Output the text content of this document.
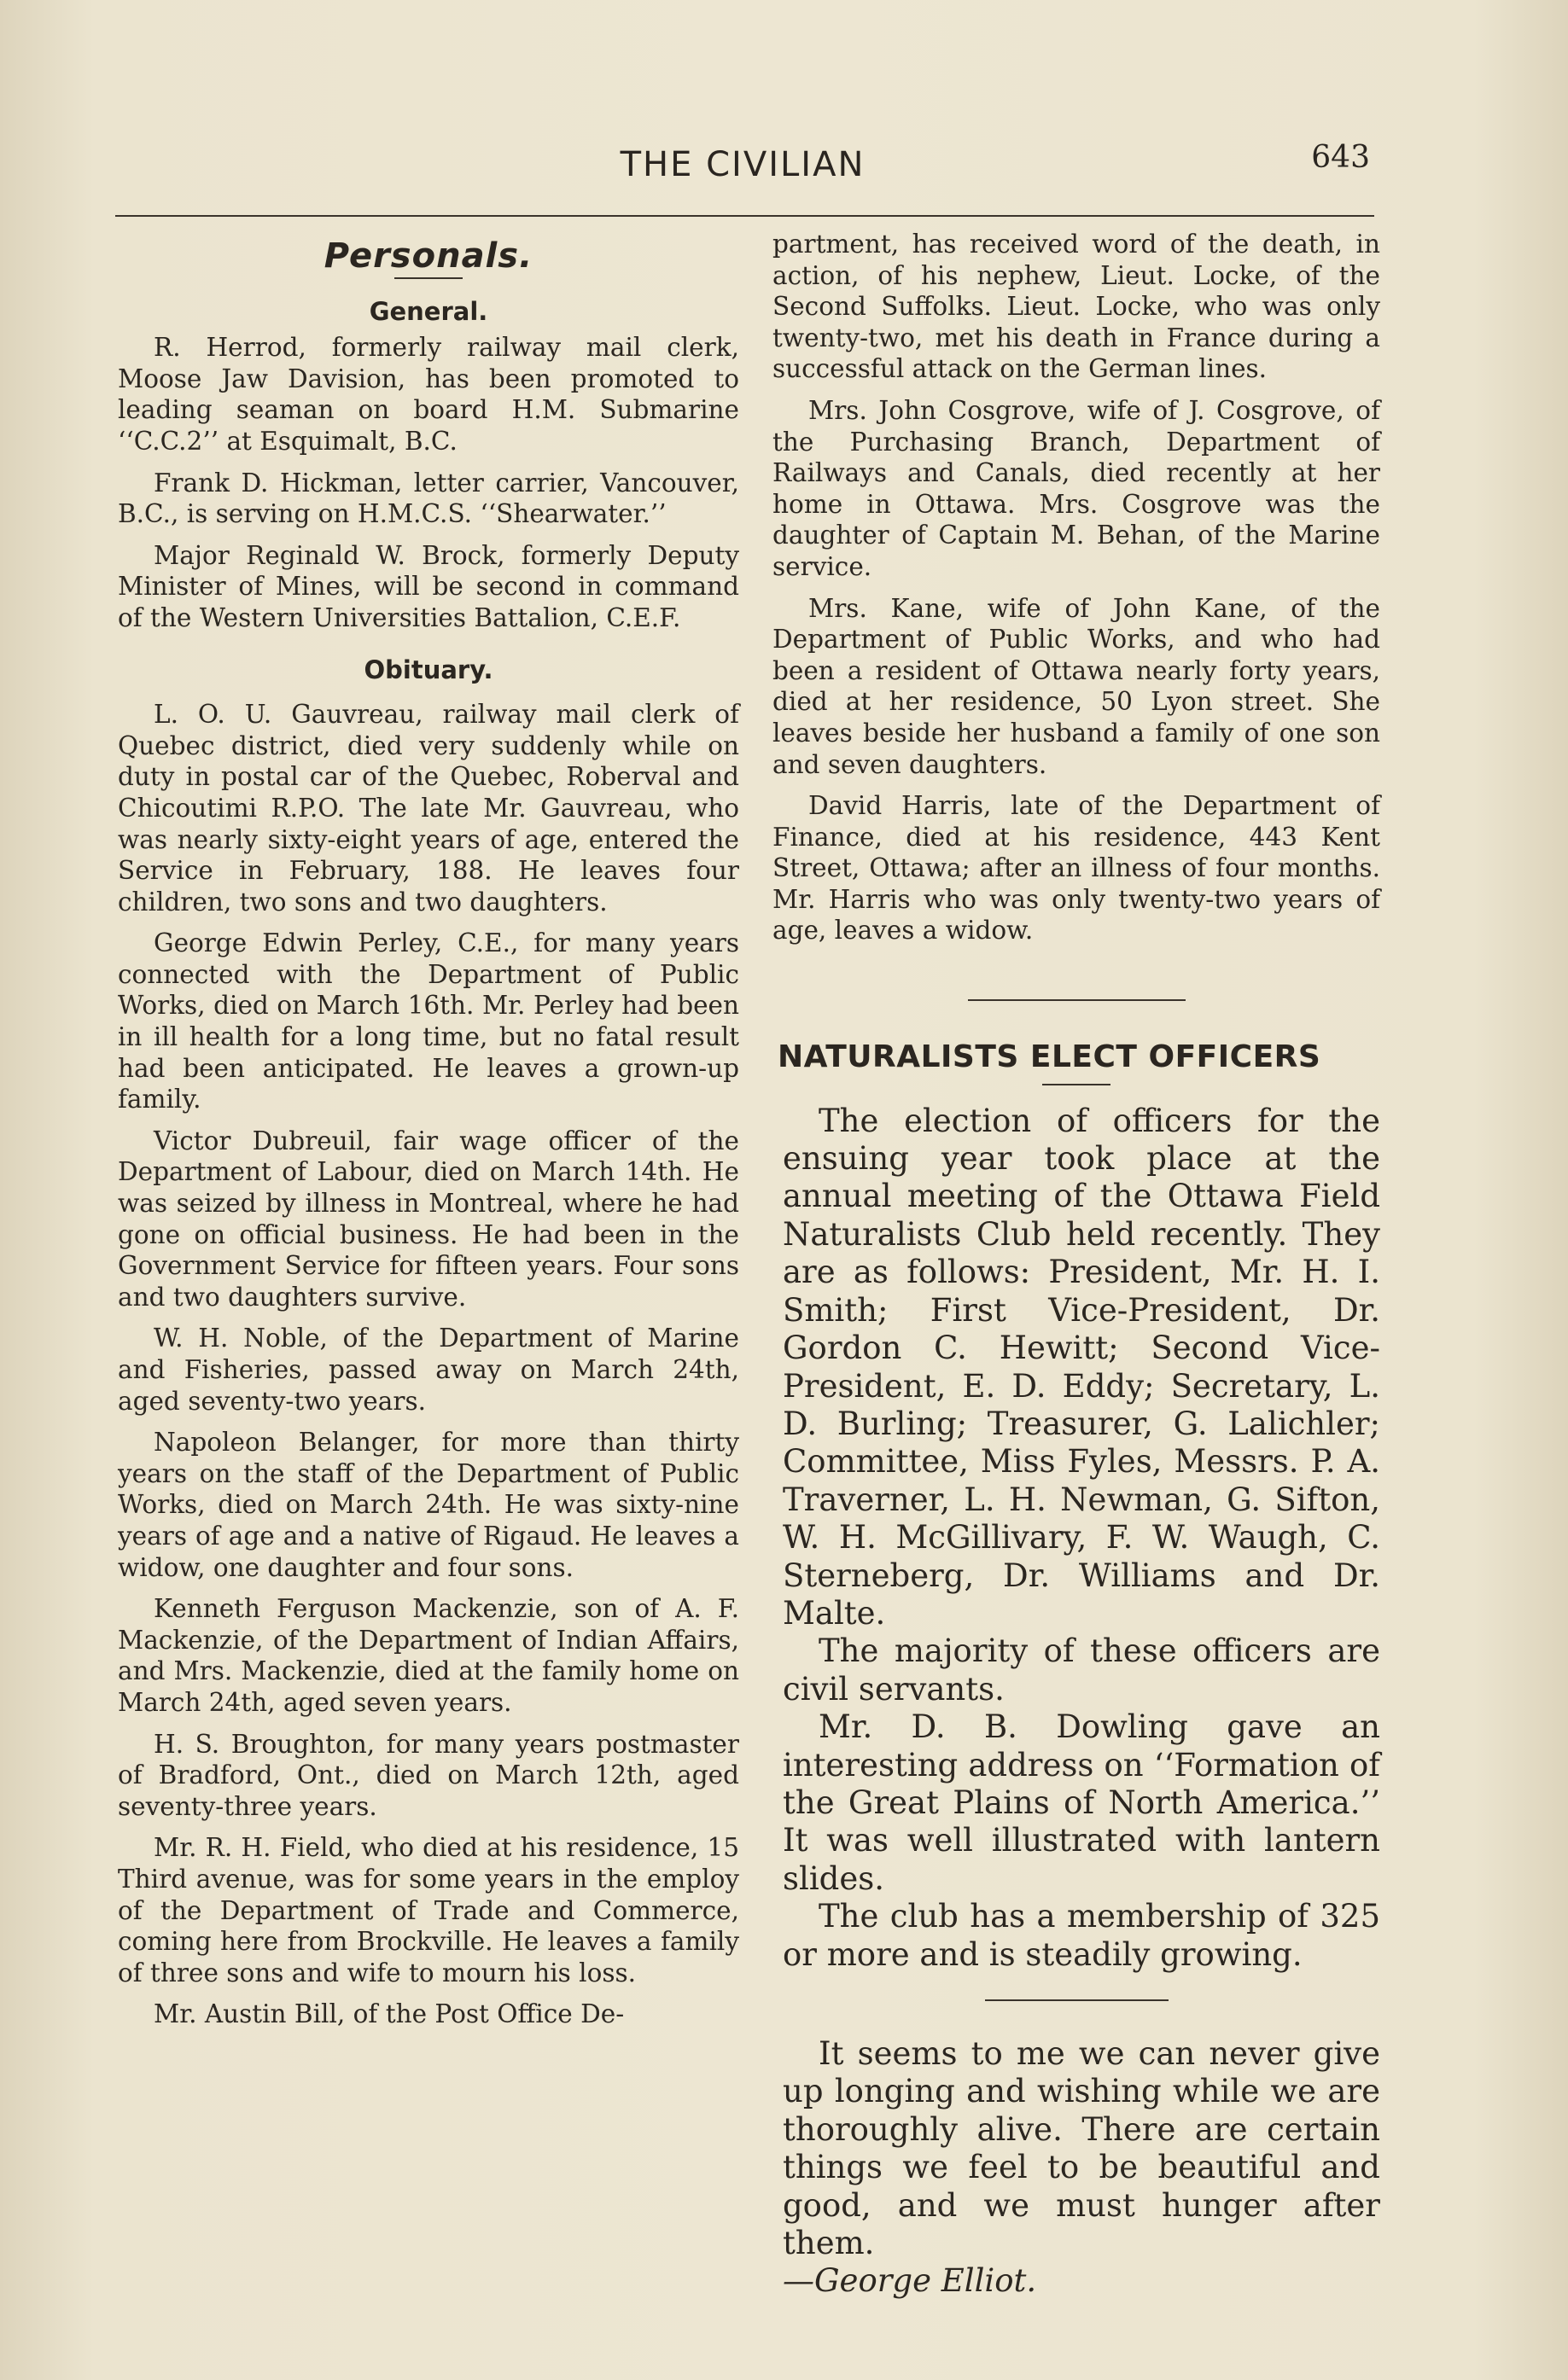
THE CIVILIAN	643
Personals.
General.

R. Herrod, formerly railway mail clerk, Moose Jaw Davision, has been promoted to leading seaman on board H.M. Submarine ‘‘C.C.2’’ at Esquimalt, B.C.

Frank D. Hickman, letter carrier, Vancouver, B.C., is serving on H.M.C.S. ‘‘Shearwater.’’

Major Reginald W. Brock, formerly Deputy Minister of Mines, will be second in command of the Western Universities Battalion, C.E.F.

Obituary.

L. O. U. Gauvreau, railway mail clerk of Quebec district, died very suddenly while on duty in postal car of the Quebec, Roberval and Chicoutimi R.P.O. The late Mr. Gauvreau, who was nearly sixty-eight years of age, entered the Service in February, 188. He leaves four children, two sons and two daughters.

George Edwin Perley, C.E., for many years connected with the Department of Public Works, died on March 16th. Mr. Perley had been in ill health for a long time, but no fatal result had been anticipated. He leaves a grown-up family.

Victor Dubreuil, fair wage officer of the Department of Labour, died on March 14th. He was seized by illness in Montreal, where he had gone on official business. He had been in the Government Service for fifteen years. Four sons and two daughters survive.

W. H. Noble, of the Department of Marine and Fisheries, passed away on March 24th, aged seventy-two years.

Napoleon Belanger, for more than thirty years on the staff of the Department of Public Works, died on March 24th. He was sixty-nine years of age and a native of Rigaud. He leaves a widow, one daughter and four sons.

Kenneth Ferguson Mackenzie, son of A. F. Mackenzie, of the Department of Indian Affairs, and Mrs. Mackenzie, died at the family home on March 24th, aged seven years.

H. S. Broughton, for many years postmaster of Bradford, Ont., died on March 12th, aged seventy-three years.

Mr. R. H. Field, who died at his residence, 15 Third avenue, was for some years in the employ of the Department of Trade and Commerce, coming here from Brockville. He leaves a family of three sons and wife to mourn his loss.

Mr. Austin Bill, of the Post Office De-

partment, has received word of the death, in action, of his nephew, Lieut. Locke, of the Second Suffolks. Lieut. Locke, who was only twenty-two, met his death in France during a successful attack on the German lines.

Mrs. John Cosgrove, wife of J. Cosgrove, of the Purchasing Branch, Department of Railways and Canals, died recently at her home in Ottawa. Mrs. Cosgrove was the daughter of Captain M. Behan, of the Marine service.

Mrs. Kane, wife of John Kane, of the Department of Public Works, and who had been a resident of Ottawa nearly forty years, died at her residence, 50 Lyon street. She leaves beside her husband a family of one son and seven daughters.

David Harris, late of the Department of Finance, died at his residence, 443 Kent Street, Ottawa; after an illness of four months. Mr. Harris who was only twenty-two years of age, leaves a widow.

NATURALISTS ELECT OFFICERS

The election of officers for the ensuing year took place at the annual meeting of the Ottawa Field Naturalists Club held recently. They are as follows: President, Mr. H. I. Smith; First Vice-President, Dr. Gordon C. Hewitt; Second Vice-President, E. D. Eddy; Secretary, L. D. Burling; Treasurer, G. Lalichler; Committee, Miss Fyles, Messrs. P. A. Traverner, L. H. Newman, G. Sifton, W. H. McGillivary, F. W. Waugh, C. Sterneberg, Dr. Williams and Dr. Malte.

The majority of these officers are civil servants.

Mr. D. B. Dowling gave an interesting address on ‘‘Formation of the Great Plains of North America.’’ It was well illustrated with lantern slides.

The club has a membership of 325 or more and is steadily growing.

It seems to me we can never give up longing and wishing while we are thoroughly alive. There are certain things we feel to be beautiful and good, and we must hunger after them.

—George Elliot.
